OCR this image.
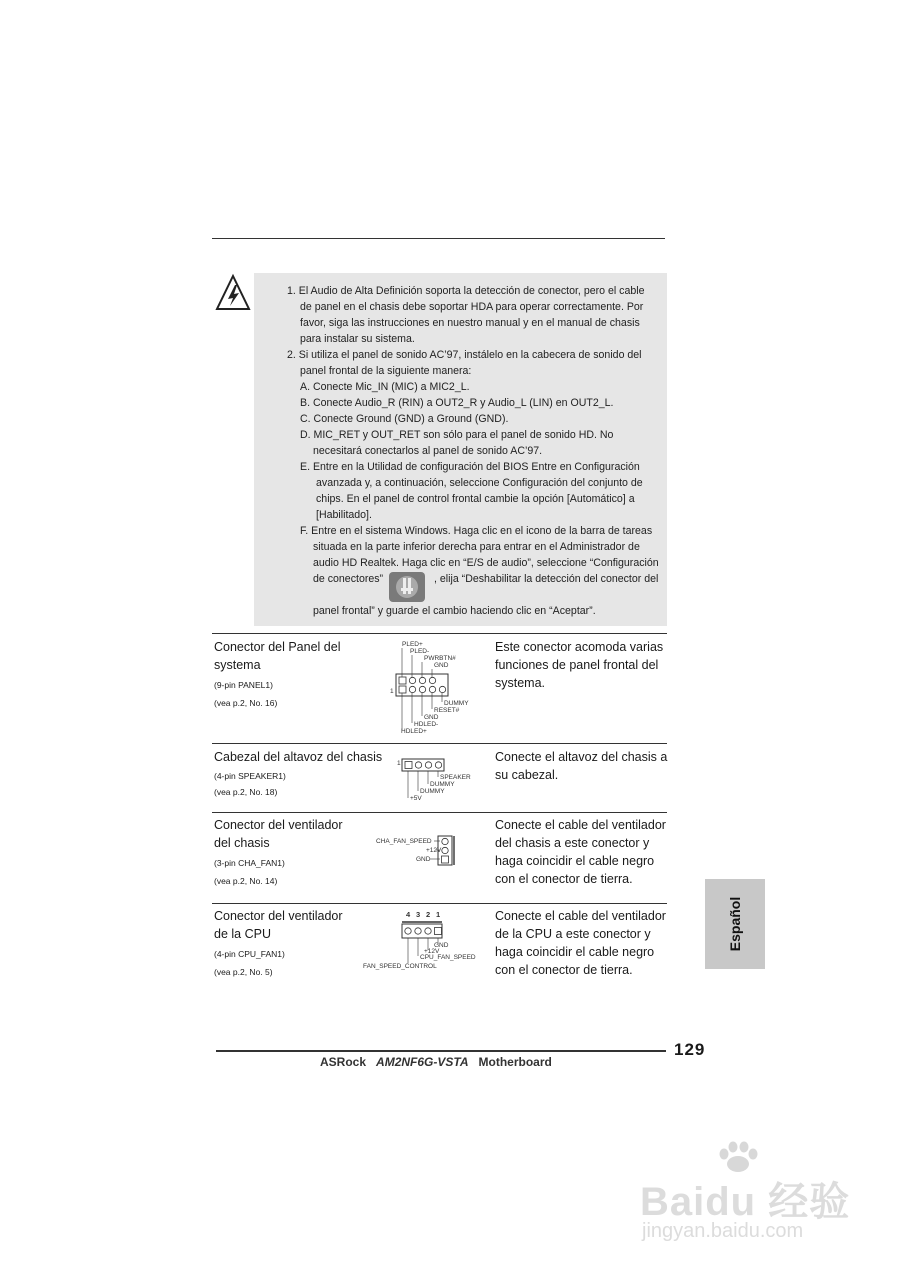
1. El Audio de Alta Definición soporta la detección de conector, pero el cable
de panel en el chasis debe soportar HDA para operar correctamente. Por
favor, siga las instrucciones en nuestro manual y en el manual de chasis
para instalar su sistema.
2. Si utiliza el panel de sonido AC’97, instálelo en la cabecera de sonido del
panel frontal de la siguiente manera:
A. Conecte Mic_IN (MIC) a MIC2_L.
B. Conecte Audio_R (RIN) a OUT2_R y Audio_L (LIN) en OUT2_L.
C. Conecte Ground (GND) a Ground (GND).
D. MIC_RET y OUT_RET son sólo para el panel de sonido HD. No
necesitará conectarlos al panel de sonido AC’97.
E. Entre en la Utilidad de configuración del BIOS Entre en Configuración
avanzada y, a continuación, seleccione Configuración del conjunto de
chips. En el panel de control frontal cambie la opción [Automático] a
[Habilitado].
F. Entre en el sistema Windows. Haga clic en el icono de la barra de tareas
situada en la parte inferior derecha para entrar en el Administrador de
audio HD Realtek. Haga clic en “E/S de audio”, seleccione “Configuración
de conectores”	, elija “Deshabilitar la detección del conector del
panel frontal” y guarde el cambio haciendo clic en “Aceptar”.
Conector del Panel del
systema
(9-pin PANEL1)
(vea p.2, No. 16)
PLED+
PLED-
PWRBTN#
GND
1
DUMMY
RESET#
GND
HDLED-
HDLED+
Este conector acomoda varias
funciones de panel frontal del
systema.
Cabezal del altavoz del chasis
(4-pin SPEAKER1)
(vea p.2, No. 18)
1
SPEAKER
DUMMY
DUMMY
+5V
Conecte el altavoz del chasis a
su cabezal.
Conector del ventilador
del chasis
(3-pin CHA_FAN1)
(vea p.2, No. 14)
CHA_FAN_SPEED
+12V
GND
Conecte el cable del ventilador
del chasis a este conector y
haga coincidir el cable negro
con el conector de tierra.
Conector del ventilador
de la CPU
(4-pin CPU_FAN1)
(vea p.2, No. 5)
4 3 2 1
GND
+12V
CPU_FAN_SPEED
FAN_SPEED_CONTROL
Conecte el cable del ventilador
de la CPU a este conector y
haga coincidir el cable negro
con el conector de tierra.
Español
129
ASRock AM2NF6G-VSTA Motherboard
Baidu 经验
jingyan.baidu.com
